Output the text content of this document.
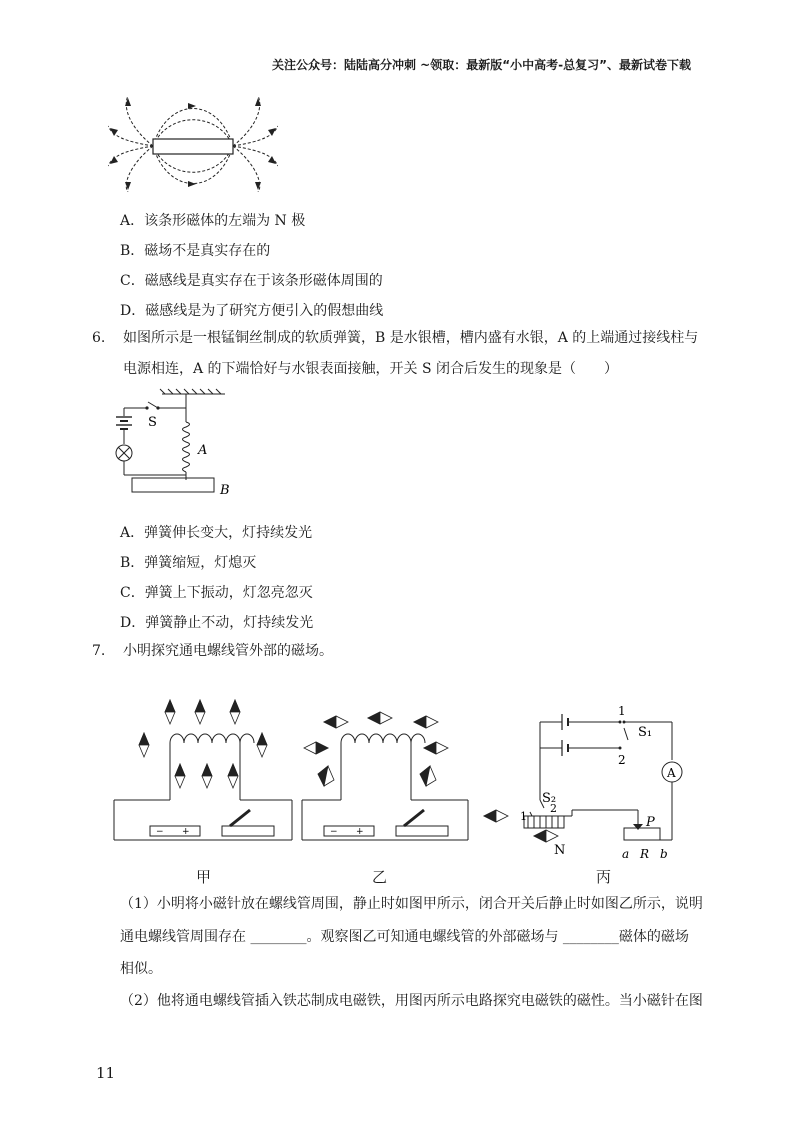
关注公众号：陆陆高分冲刺 ~领取：最新版“小中高考-总复习”、最新试卷下载
A．该条形磁体的左端为 N 极
B．磁场不是真实存在的
C．磁感线是真实存在于该条形磁体周围的
D．磁感线是为了研究方便引入的假想曲线
6. 如图所示是一根锰铜丝制成的软质弹簧，B 是水银槽，槽内盛有水银，A 的上端通过接线柱与
电源相连，A 的下端恰好与水银表面接触，开关 S 闭合后发生的现象是（　　）
S
A
B
A．弹簧伸长变大，灯持续发光
B．弹簧缩短，灯熄灭
C．弹簧上下振动，灯忽亮忽灭
D．弹簧静止不动，灯持续发光
7. 小明探究通电螺线管外部的磁场。
− +
甲
− +
乙
1
2
S₁
A
S₂
1
2
P
N	a R b
丙
（1）小明将小磁针放在螺线管周围，静止时如图甲所示，闭合开关后静止时如图乙所示，说明
通电螺线管周围存在 ________。观察图乙可知通电螺线管的外部磁场与 ________磁体的磁场
相似。
（2）他将通电螺线管插入铁芯制成电磁铁，用图丙所示电路探究电磁铁的磁性。当小磁针在图
11
